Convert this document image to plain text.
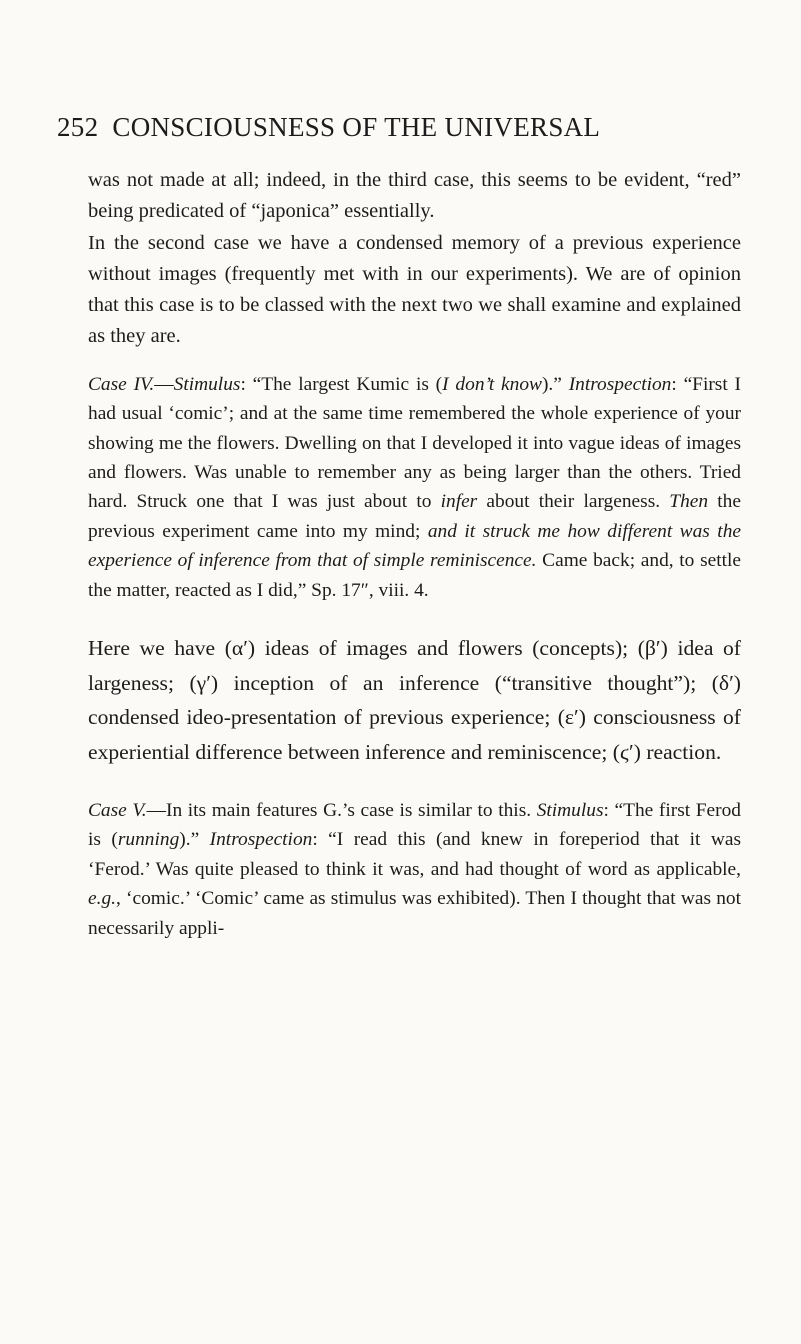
252 CONSCIOUSNESS OF THE UNIVERSAL

was not made at all; indeed, in the third case, this seems to be evident, “red” being predicated of “japonica” essentially.

In the second case we have a condensed memory of a previous experience without images (frequently met with in our experiments). We are of opinion that this case is to be classed with the next two we shall examine and explained as they are.

Case IV.—Stimulus: “The largest Kumic is (I don’t know).” Introspection: “First I had usual ‘comic’; and at the same time remembered the whole experience of your showing me the flowers. Dwelling on that I developed it into vague ideas of images and flowers. Was unable to remember any as being larger than the others. Tried hard. Struck one that I was just about to infer about their largeness. Then the previous experiment came into my mind; and it struck me how different was the experience of inference from that of simple reminiscence. Came back; and, to settle the matter, reacted as I did,” Sp. 17″, viii. 4.

Here we have (α′) ideas of images and flowers (concepts); (β′) idea of largeness; (γ′) inception of an inference (“transitive thought”); (δ′) condensed ideo-presentation of previous experience; (ε′) consciousness of experiential difference between inference and reminiscence; (ϛ′) reaction.

Case V.—In its main features G.’s case is similar to this. Stimulus: “The first Ferod is (running).” Introspection: “I read this (and knew in foreperiod that it was ‘Ferod.’ Was quite pleased to think it was, and had thought of word as applicable, e.g., ‘comic.’ ‘Comic’ came as stimulus was exhibited). Then I thought that was not necessarily appli-
